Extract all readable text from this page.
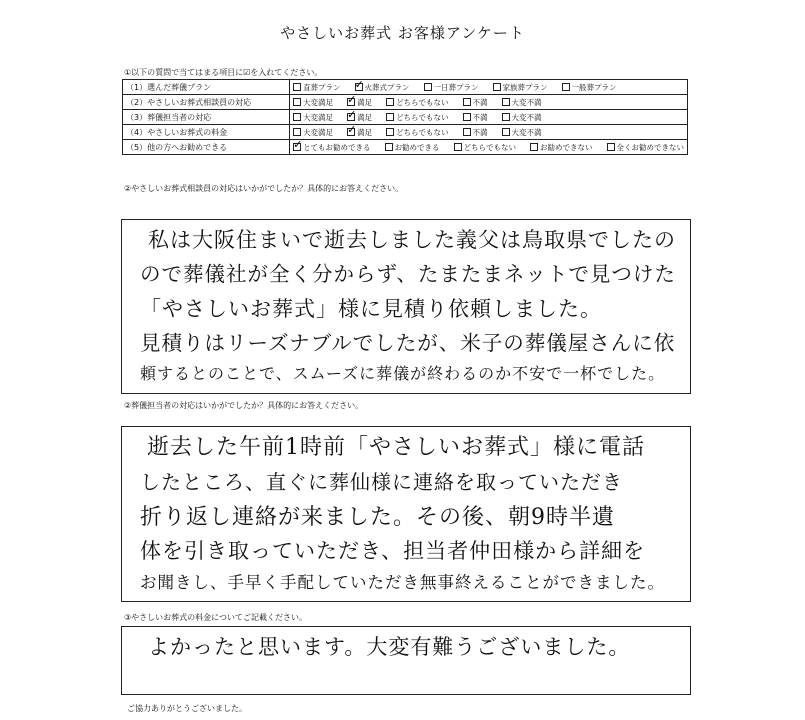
やさしいお葬式 お客様アンケート
①以下の質問で当てはまる項目に☑を入れてください。
（1）選んだ葬儀プラン	直葬プラン ✓ 火葬式プラン 一日葬プラン 家族葬プラン 一般葬プラン

（2）やさしいお葬式相談員の対応	大変満足 ✓ 満足 どちらでもない 不満 大変不満

（3）葬儀担当者の対応	大変満足 ✓ 満足 どちらでもない 不満 大変不満

（4）やさしいお葬式の料金	大変満足 ✓ 満足 どちらでもない 不満 大変不満

（5）他の方へお勧めできる	
✓とてもお勧めできる お勧めできる どちらでもない お勧めできない 全くお勧めできない
②やさしいお葬式相談員の対応はいかがでしたか？具体的にお答えください。
私は大阪住まいで逝去しました義父は鳥取県でしたの
ので葬儀社が全く分からず、たまたまネットで見つけた
「やさしいお葬式」様に見積り依頼しました。
見積りはリーズナブルでしたが、米子の葬儀屋さんに依
頼するとのことで、スムーズに葬儀が終わるのか不安で一杯でした。
②葬儀担当者の対応はいかがでしたか？具体的にお答えください。
逝去した午前1時前「やさしいお葬式」様に電話
したところ、直ぐに葬仙様に連絡を取っていただき
折り返し連絡が来ました。その後、朝9時半遺
体を引き取っていただき、担当者仲田様から詳細を
お聞きし、手早く手配していただき無事終えることができました。
③やさしいお葬式の料金についてご記載ください。
よかったと思います。大変有難うございました。
ご協力ありがとうございました。
